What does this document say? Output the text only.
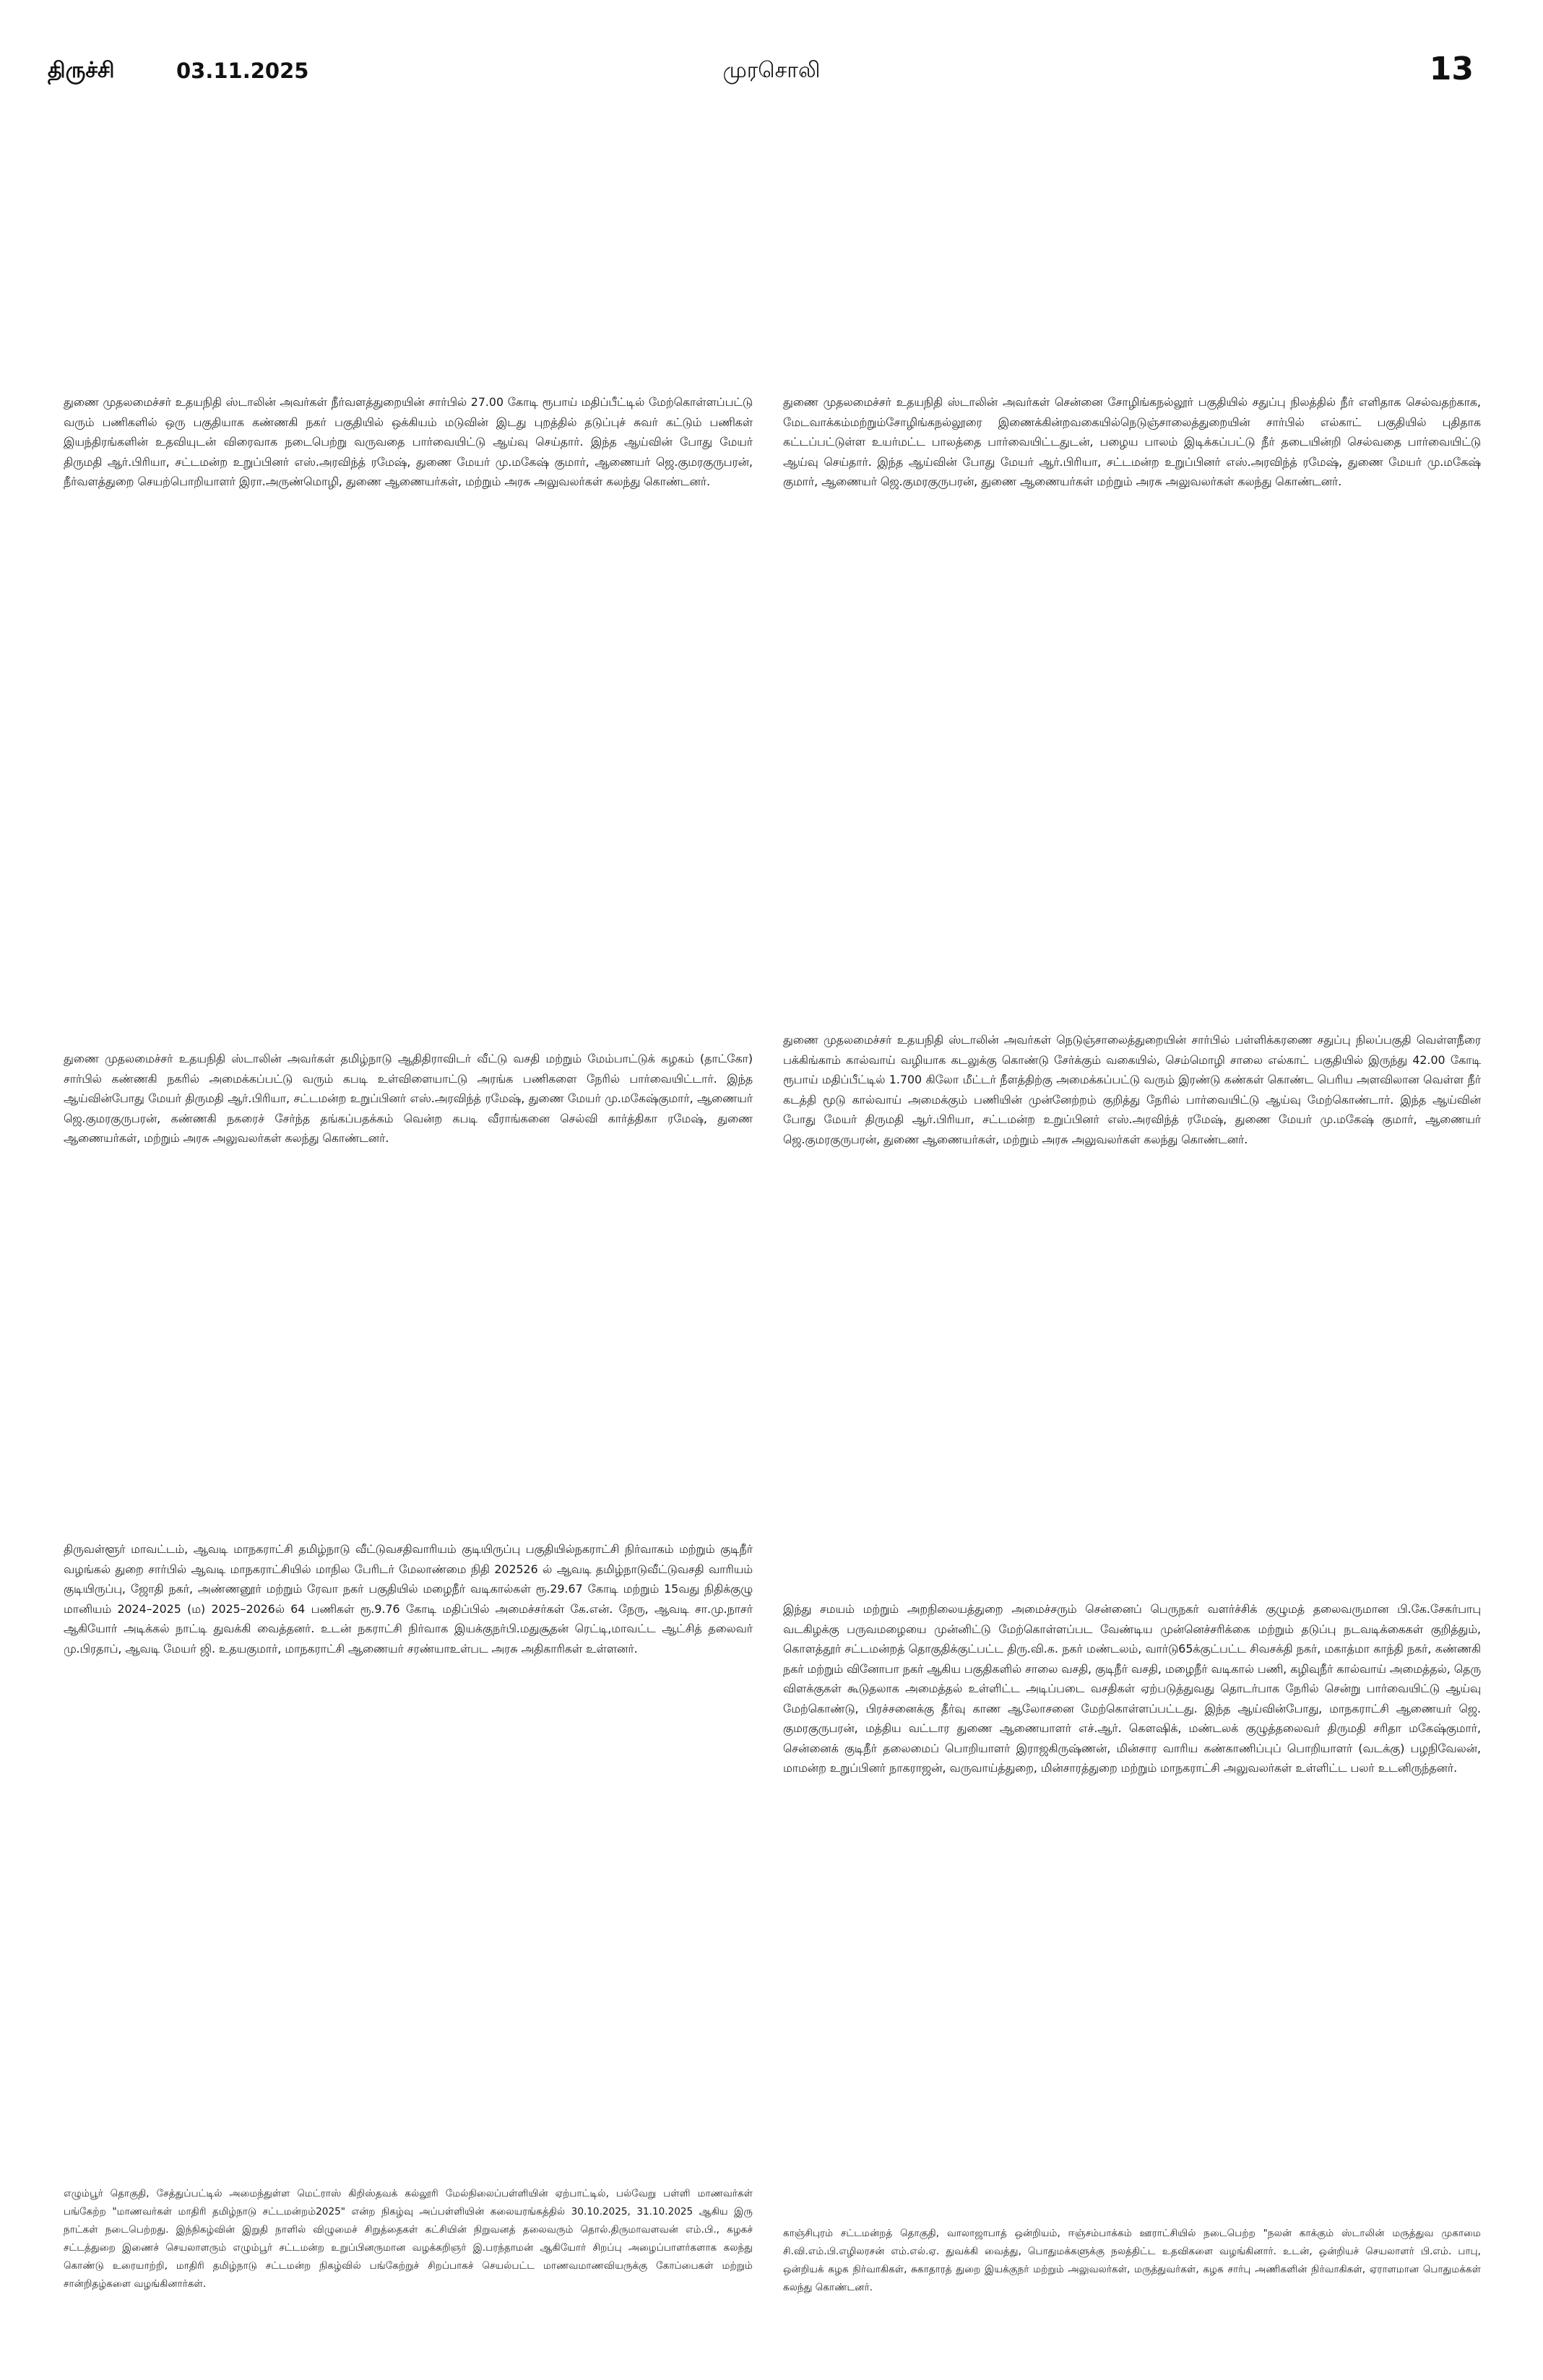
திருச்சி	03.11.2025	முரசொலி	13

துணை முதலமைச்சர் உதயநிதி ஸ்டாலின் அவர்கள் நீர்வளத்துறையின் சார்பில் 27.00 கோடி ரூபாய் மதிப்பீட்டில் மேற்கொள்ளப்பட்டு வரும் பணிகளில் ஒரு பகுதியாக கண்ணகி நகர் பகுதியில் ஒக்கியம் மடுவின் இடது புறத்தில் தடுப்புச் சுவர் கட்டும் பணிகள் இயந்திரங்களின் உதவியுடன் விரைவாக நடைபெற்று வருவதை பார்வையிட்டு ஆய்வு செய்தார். இந்த ஆய்வின் போது மேயர் திருமதி ஆர்.பிரியா, சட்டமன்ற உறுப்பினர் எஸ்.அரவிந்த் ரமேஷ், துணை மேயர் மு.மகேஷ் குமார், ஆணையர் ஜெ.குமரகுருபரன், நீர்வளத்துறை செயற்பொறியாளர் இரா.அருண்மொழி, துணை ஆணையர்கள், மற்றும் அரசு அலுவலர்கள் கலந்து கொண்டனர்.

துணை முதலமைச்சர் உதயநிதி ஸ்டாலின் அவர்கள் சென்னை சோழிங்கநல்லூர் பகுதியில் சதுப்பு நிலத்தில் நீர் எளிதாக செல்வதற்காக, மேடவாக்கம்மற்றும்சோழிங்கநல்லூரை இணைக்கின்றவகையில்நெடுஞ்சாலைத்துறையின் சார்பில் எல்காட் பகுதியில் புதிதாக கட்டப்பட்டுள்ள உயர்மட்ட பாலத்தை பார்வையிட்டதுடன், பழைய பாலம் இடிக்கப்பட்டு நீர் தடையின்றி செல்வதை பார்வையிட்டு ஆய்வு செய்தார். இந்த ஆய்வின் போது மேயர் ஆர்.பிரியா, சட்டமன்ற உறுப்பினர் எஸ்.அரவிந்த் ரமேஷ், துணை மேயர் மு.மகேஷ் குமார், ஆணையர் ஜெ.குமரகுருபரன், துணை ஆணையர்கள் மற்றும் அரசு அலுவலர்கள் கலந்து கொண்டனர்.

துணை முதலமைச்சர் உதயநிதி ஸ்டாலின் அவர்கள் தமிழ்நாடு ஆதிதிராவிடர் வீட்டு வசதி மற்றும் மேம்பாட்டுக் கழகம் (தாட்கோ) சார்பில் கண்ணகி நகரில் அமைக்கப்பட்டு வரும் கபடி உள்விளையாட்டு அரங்க பணிகளை நேரில் பார்வையிட்டார். இந்த ஆய்வின்போது மேயர் திருமதி ஆர்.பிரியா, சட்டமன்ற உறுப்பினர் எஸ்.அரவிந்த் ரமேஷ், துணை மேயர் மு.மகேஷ்குமார், ஆணையர் ஜெ.குமரகுருபரன், கண்ணகி நகரைச் சேர்ந்த தங்கப்பதக்கம் வென்ற கபடி வீராங்கனை செல்வி கார்த்திகா ரமேஷ், துணை ஆணையர்கள், மற்றும் அரசு அலுவலர்கள் கலந்து கொண்டனர்.

துணை முதலமைச்சர் உதயநிதி ஸ்டாலின் அவர்கள் நெடுஞ்சாலைத்துறையின் சார்பில் பள்ளிக்கரணை சதுப்பு நிலப்பகுதி வெள்ளநீரை பக்கிங்காம் கால்வாய் வழியாக கடலுக்கு கொண்டு சேர்க்கும் வகையில், செம்மொழி சாலை எல்காட் பகுதியில் இருந்து 42.00 கோடி ரூபாய் மதிப்பீட்டில் 1.700 கிலோ மீட்டர் நீளத்திற்கு அமைக்கப்பட்டு வரும் இரண்டு கண்கள் கொண்ட பெரிய அளவிலான வெள்ள நீர் கடத்தி மூடு கால்வாய் அமைக்கும் பணியின் முன்னேற்றம் குறித்து நேரில் பார்வையிட்டு ஆய்வு மேற்கொண்டார். இந்த ஆய்வின் போது மேயர் திருமதி ஆர்.பிரியா, சட்டமன்ற உறுப்பினர் எஸ்.அரவிந்த் ரமேஷ், துணை மேயர் மு.மகேஷ் குமார், ஆணையர் ஜெ.குமரகுருபரன், துணை ஆணையர்கள், மற்றும் அரசு அலுவலர்கள் கலந்து கொண்டனர்.

திருவள்ளூர் மாவட்டம், ஆவடி மாநகராட்சி தமிழ்நாடு வீட்டுவசதிவாரியம் குடியிருப்பு பகுதியில்நகராட்சி நிர்வாகம் மற்றும் குடிநீர் வழங்கல் துறை சார்பில் ஆவடி மாநகராட்சியில் மாநில பேரிடர் மேலாண்மை நிதி 202526 ல் ஆவடி தமிழ்நாடுவீட்டுவசதி வாரியம் குடியிருப்பு, ஜோதி நகர், அண்ணனூர் மற்றும் ரேவா நகர் பகுதியில் மழைநீர் வடிகால்கள் ரூ.29.67 கோடி மற்றும் 15வது நிதிக்குழு மானியம் 2024–2025 (ம) 2025–2026ல் 64 பணிகள் ரூ.9.76 கோடி மதிப்பில் அமைச்சர்கள் கே.என். நேரு, ஆவடி சா.மு.நாசர் ஆகியோர் அடிக்கல் நாட்டி துவக்கி வைத்தனர். உடன் நகராட்சி நிர்வாக இயக்குநர்பி.மதுசூதன் ரெட்டி,மாவட்ட ஆட்சித் தலைவர் மு.பிரதாப், ஆவடி மேயர் ஜி. உதயகுமார், மாநகராட்சி ஆணையர் சரண்யாஉள்பட அரசு அதிகாரிகள் உள்ளனர்.

இந்து சமயம் மற்றும் அறநிலையத்துறை அமைச்சரும் சென்னைப் பெருநகர் வளர்ச்சிக் குழுமத் தலைவருமான பி.கே.சேகர்பாபு வடகிழக்கு பருவமழையை முன்னிட்டு மேற்கொள்ளப்பட வேண்டிய முன்னெச்சரிக்கை மற்றும் தடுப்பு நடவடிக்கைகள் குறித்தும், கொளத்தூர் சட்டமன்றத் தொகுதிக்குட்பட்ட திரு.வி.க. நகர் மண்டலம், வார்டு65க்குட்பட்ட சிவசக்தி நகர், மகாத்மா காந்தி நகர், கண்ணகி நகர் மற்றும் வினோபா நகர் ஆகிய பகுதிகளில் சாலை வசதி, குடிநீர் வசதி, மழைநீர் வடிகால் பணி, கழிவுநீர் கால்வாய் அமைத்தல், தெரு விளக்குகள் கூடுதலாக அமைத்தல் உள்ளிட்ட அடிப்படை வசதிகள் ஏற்படுத்துவது தொடர்பாக நேரில் சென்று பார்வையிட்டு ஆய்வு மேற்கொண்டு, பிரச்சனைக்கு தீர்வு காண ஆலோசனை மேற்கொள்ளப்பட்டது. இந்த ஆய்வின்போது, மாநகராட்சி ஆணையர் ஜெ. குமரகுருபரன், மத்திய வட்டார துணை ஆணையாளர் எச்.ஆர். கௌஷிக், மண்டலக் குழுத்தலைவர் திருமதி சரிதா மகேஷ்குமார், சென்னைக் குடிநீர் தலைமைப் பொறியாளர் இராஜகிருஷ்ணன், மின்சார வாரிய கண்காணிப்புப் பொறியாளர் (வடக்கு) பழநிவேலன், மாமன்ற உறுப்பினர் நாகராஜன், வருவாய்த்துறை, மின்சாரத்துறை மற்றும் மாநகராட்சி அலுவலர்கள் உள்ளிட்ட பலர் உடனிருந்தனர்.

எழும்பூர் தொகுதி, சேத்துப்பட்டில் அமைந்துள்ள மெட்ராஸ் கிறிஸ்தவக் கல்லூரி மேல்நிலைப்பள்ளியின் ஏற்பாட்டில், பல்வேறு பள்ளி மாணவர்கள் பங்கேற்ற "மாணவர்கள் மாதிரி தமிழ்நாடு சட்டமன்றம்2025" என்ற நிகழ்வு அப்பள்ளியின் கலையரங்கத்தில் 30.10.2025, 31.10.2025 ஆகிய இரு நாட்கள் நடைபெற்றது. இந்நிகழ்வின் இறுதி நாளில் விழுமைச் சிறுத்தைகள் கட்சியின் நிறுவனத் தலைவரும் தொல்.திருமாவளவன் எம்.பி., கழகச் சட்டத்துறை இணைச் செயலாளரும் எழும்பூர் சட்டமன்ற உறுப்பினருமான வழக்கறிஞர் இ.பரந்தாமன் ஆகியோர் சிறப்பு அழைப்பாளர்களாக கலந்து கொண்டு உரையாற்றி, மாதிரி தமிழ்நாடு சட்டமன்ற நிகழ்வில் பங்கேற்றுச் சிறப்பாகச் செயல்பட்ட மாணவமாணவியருக்கு கோப்பைகள் மற்றும் சான்றிதழ்களை வழங்கினார்கள்.

காஞ்சிபுரம் சட்டமன்றத் தொகுதி, வாலாஜாபாத் ஒன்றியம், ஈஞ்சம்பாக்கம் ஊராட்சியில் நடைபெற்ற "நலன் காக்கும் ஸ்டாலின் மருத்துவ முகாமை சி.வி.எம்.பி.எழிலரசன் எம்.எல்.ஏ. துவக்கி வைத்து, பொதுமக்களுக்கு நலத்திட்ட உதவிகளை வழங்கினார். உடன், ஒன்றியச் செயலாளர் பி.எம். பாபு, ஒன்றியக் கழக நிர்வாகிகள், சுகாதாரத் துறை இயக்குநர் மற்றும் அலுவலர்கள், மருத்துவர்கள், கழக சார்பு அணிகளின் நிர்வாகிகள், ஏராளமான பொதுமக்கள் கலந்து கொண்டனர்.
